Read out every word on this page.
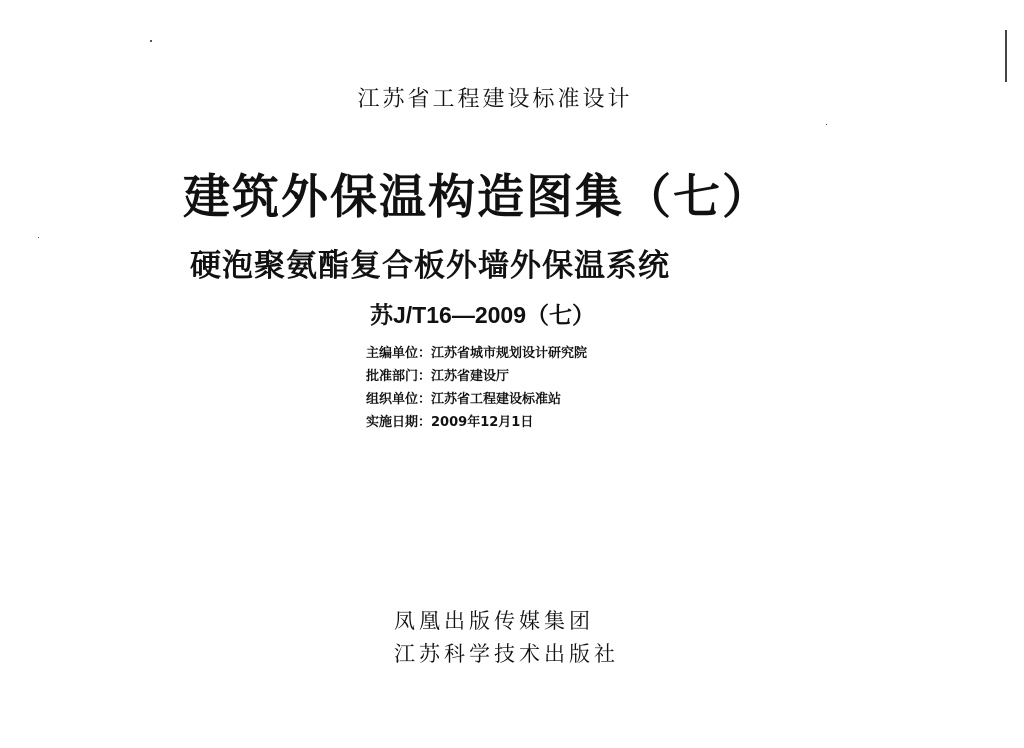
江苏省工程建设标准设计
建筑外保温构造图集（七）
硬泡聚氨酯复合板外墙外保温系统
苏J/T16—2009（七）
主编单位：江苏省城市规划设计研究院
批准部门：江苏省建设厅
组织单位：江苏省工程建设标准站
实施日期：2009年12月1日
凤凰出版传媒集团
江苏科学技术出版社
